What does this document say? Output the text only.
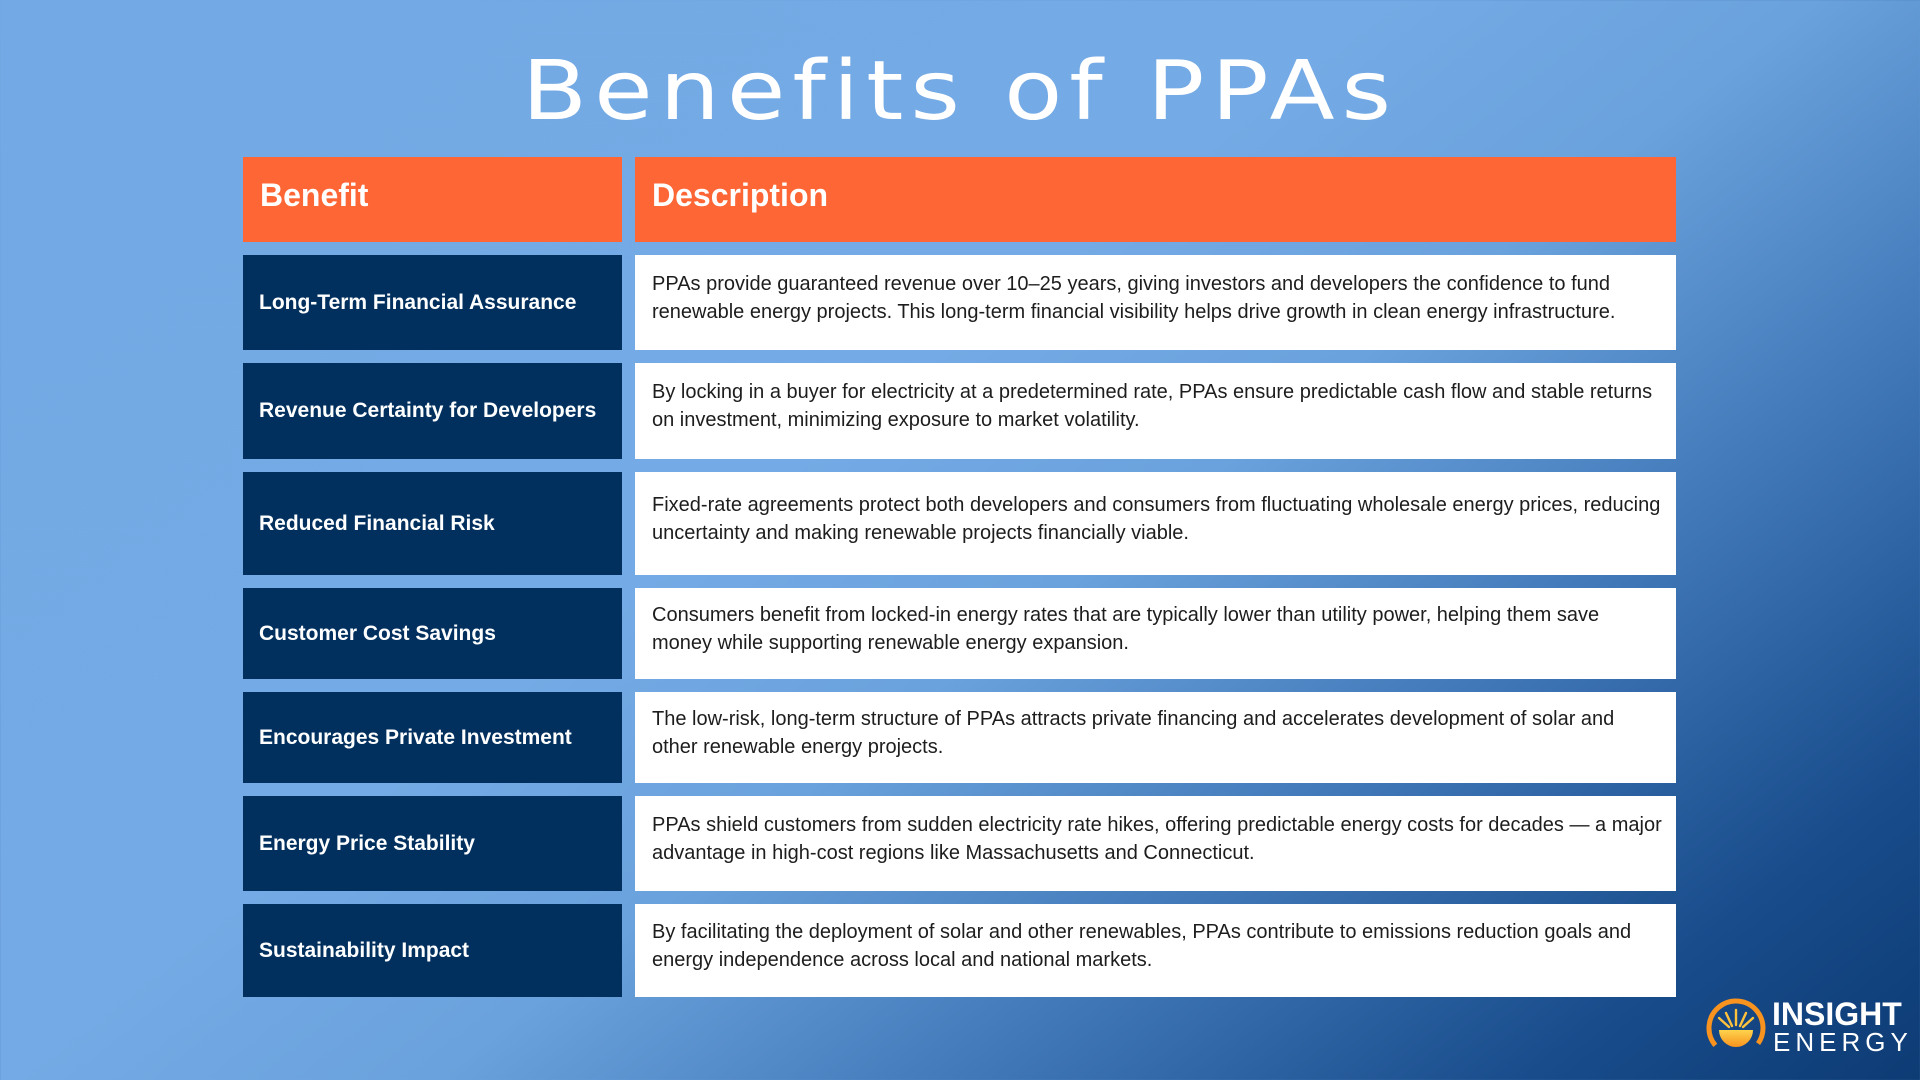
Benefits of PPAs
Benefit	Description
Long-Term Financial Assurance
PPAs provide guaranteed revenue over 10–25 years, giving investors and developers the confidence to fund renewable energy projects. This long-term financial visibility helps drive growth in clean energy infrastructure.
Revenue Certainty for Developers
By locking in a buyer for electricity at a predetermined rate, PPAs ensure predictable cash flow and stable returns on investment, minimizing exposure to market volatility.
Reduced Financial Risk
Fixed-rate agreements protect both developers and consumers from fluctuating wholesale energy prices, reducing uncertainty and making renewable projects financially viable.
Customer Cost Savings
Consumers benefit from locked-in energy rates that are typically lower than utility power, helping them save money while supporting renewable energy expansion.
Encourages Private Investment
The low-risk, long-term structure of PPAs attracts private financing and accelerates development of solar and other renewable energy projects.
Energy Price Stability
PPAs shield customers from sudden electricity rate hikes, offering predictable energy costs for decades — a major advantage in high-cost regions like Massachusetts and Connecticut.
Sustainability Impact
By facilitating the deployment of solar and other renewables, PPAs contribute to emissions reduction goals and energy independence across local and national markets.
INSIGHT
ENERGY
